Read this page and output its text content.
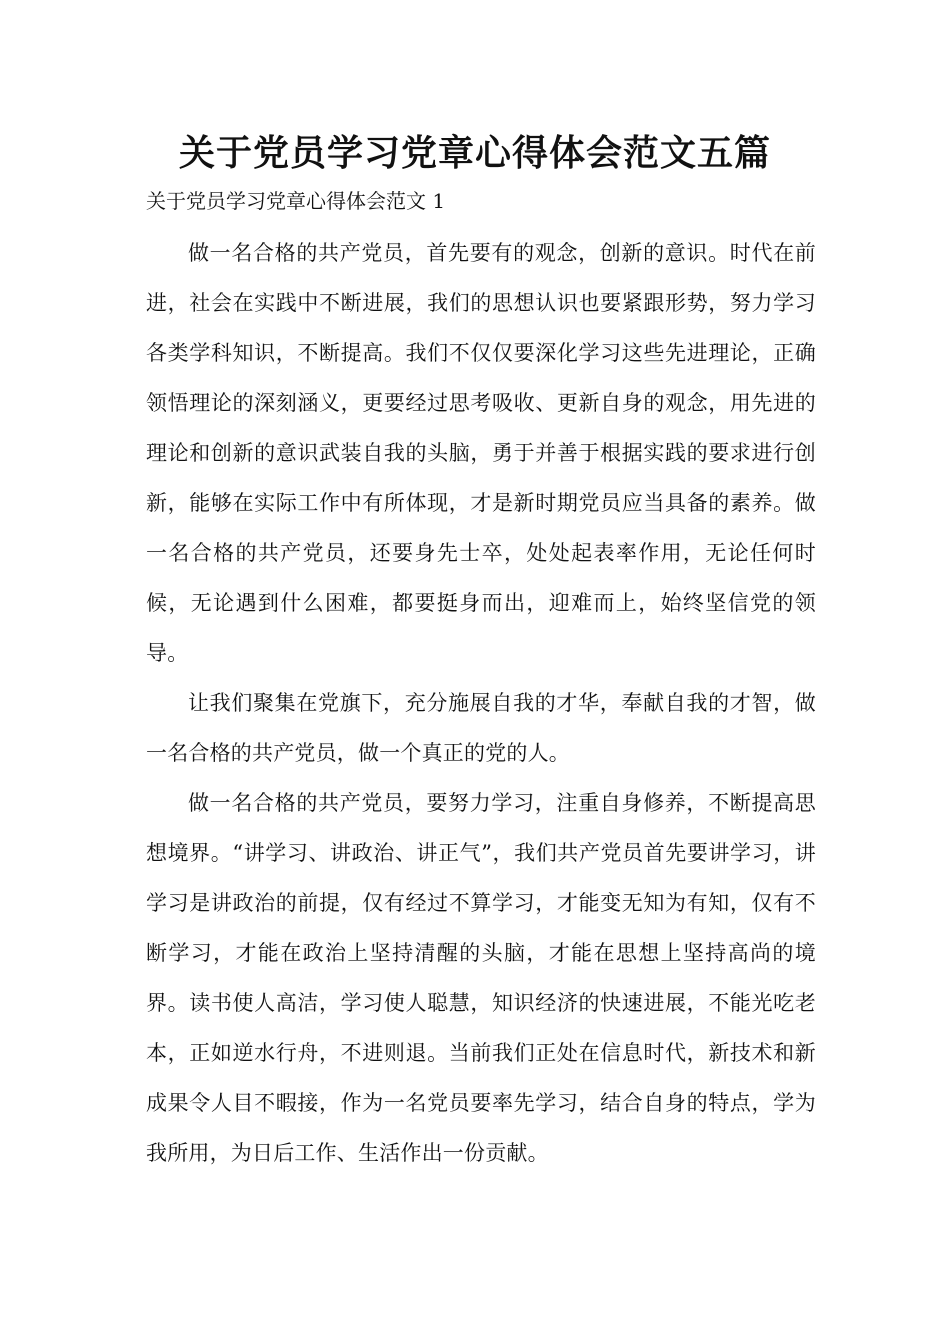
关于党员学习党章心得体会范文五篇
关于党员学习党章心得体会范文 1

做一名合格的共产党员，首先要有的观念，创新的意识。时代在前进，社会在实践中不断进展，我们的思想认识也要紧跟形势，努力学习各类学科知识，不断提高。我们不仅仅要深化学习这些先进理论，正确领悟理论的深刻涵义，更要经过思考吸收、更新自身的观念，用先进的理论和创新的意识武装自我的头脑，勇于并善于根据实践的要求进行创新，能够在实际工作中有所体现，才是新时期党员应当具备的素养。做一名合格的共产党员，还要身先士卒，处处起表率作用，无论任何时候，无论遇到什么困难，都要挺身而出，迎难而上，始终坚信党的领导。

让我们聚集在党旗下，充分施展自我的才华，奉献自我的才智，做一名合格的共产党员，做一个真正的党的人。

做一名合格的共产党员，要努力学习，注重自身修养，不断提高思想境界。“讲学习、讲政治、讲正气”，我们共产党员首先要讲学习，讲学习是讲政治的前提，仅有经过不算学习，才能变无知为有知，仅有不断学习，才能在政治上坚持清醒的头脑，才能在思想上坚持高尚的境界。读书使人高洁，学习使人聪慧，知识经济的快速进展，不能光吃老本，正如逆水行舟，不进则退。当前我们正处在信息时代，新技术和新成果令人目不暇接，作为一名党员要率先学习，结合自身的特点，学为我所用，为日后工作、生活作出一份贡献。
